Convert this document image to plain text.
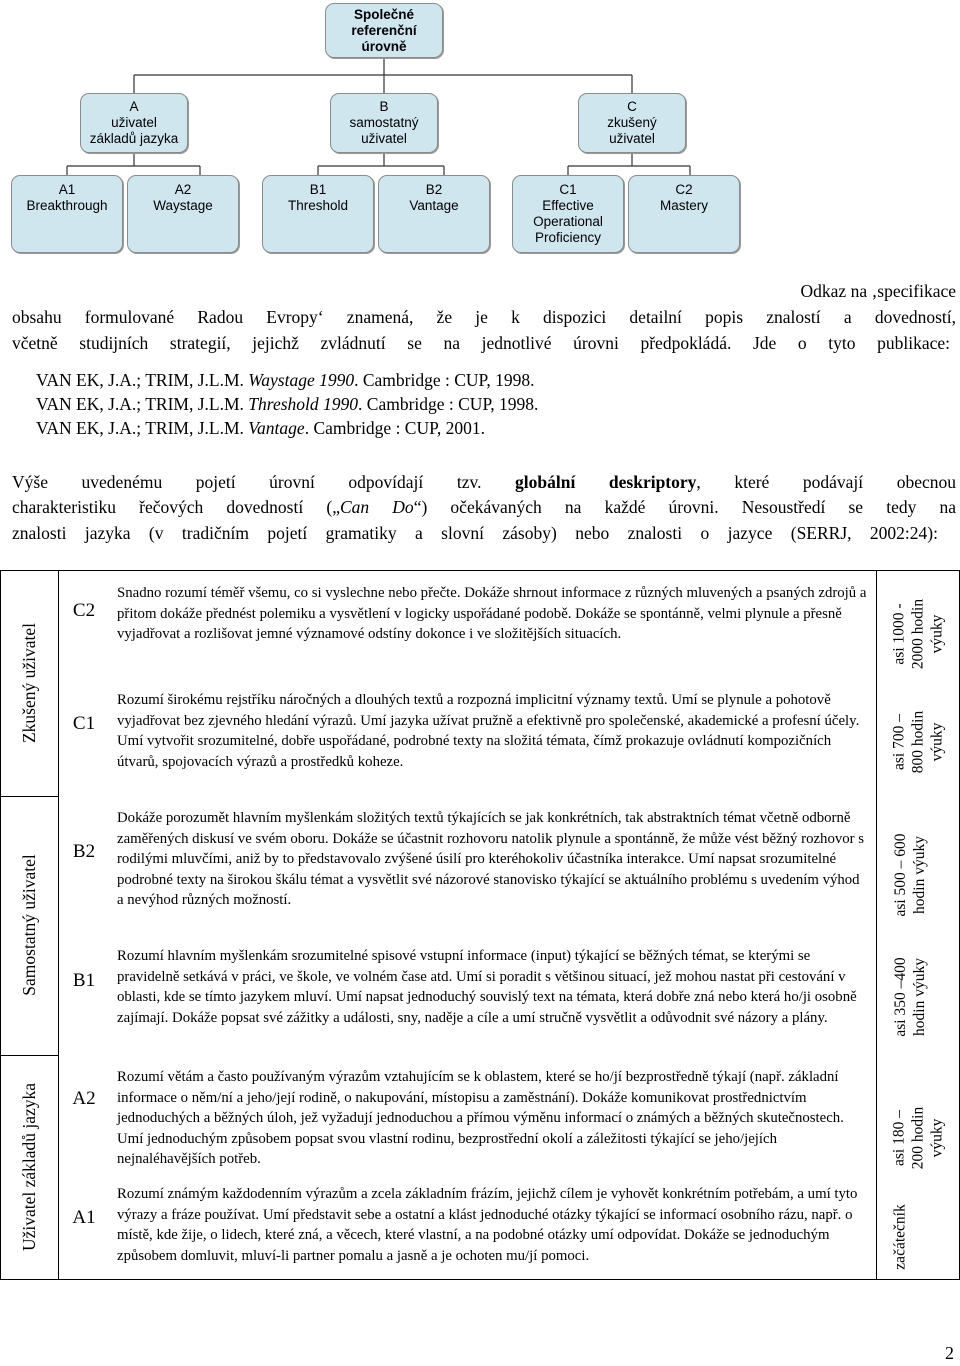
Společné
referenční
úrovně
A
uživatel
základů jazyka
B
samostatný
uživatel
C
zkušený
uživatel
A1
Breakthrough
A2
Waystage
B1
Threshold
B2
Vantage
C1
Effective
Operational
Proficiency
C2
Mastery
Odkaz na ‚specifikace
obsahu formulované Radou Evropy‘ znamená, že je k dispozici detailní popis znalostí a dovedností,
včetně studijních strategií, jejichž zvládnutí se na jednotlivé úrovni předpokládá. Jde o tyto publikace:
VAN EK, J.A.; TRIM, J.L.M. Waystage 1990. Cambridge : CUP, 1998.
VAN EK, J.A.; TRIM, J.L.M. Threshold 1990. Cambridge : CUP, 1998.
VAN EK, J.A.; TRIM, J.L.M. Vantage. Cambridge : CUP, 2001.
Výše uvedenému pojetí úrovní odpovídají tzv. globální deskriptory, které podávají obecnou
charakteristiku řečových dovedností („Can Do“) očekávaných na každé úrovni. Nesoustředí se tedy na
znalosti jazyka (v tradičním pojetí gramatiky a slovní zásoby) nebo znalosti o jazyce (SERRJ, 2002:24):
Zkušený uživatel
Samostatný uživatel
Uživatel základů jazyka
C2
C1
B2
B1
A2
A1
Snadno rozumí téměř všemu, co si vyslechne nebo přečte. Dokáže shrnout informace z různých mluvených a psaných zdrojů a přitom dokáže přednést polemiku a vysvětlení v logicky uspořádané podobě. Dokáže se spontánně, velmi plynule a přesně vyjadřovat a rozlišovat jemné významové odstíny dokonce i ve složitějších situacích.
Rozumí širokému rejstříku náročných a dlouhých textů a rozpozná implicitní významy textů. Umí se plynule a pohotově vyjadřovat bez zjevného hledání výrazů. Umí jazyka užívat pružně a efektivně pro společenské, akademické a profesní účely. Umí vytvořit srozumitelné, dobře uspořádané, podrobné texty na složitá témata, čímž prokazuje ovládnutí kompozičních útvarů, spojovacích výrazů a prostředků koheze.
Dokáže porozumět hlavním myšlenkám složitých textů týkajících se jak konkrétních, tak abstraktních témat včetně odborně zaměřených diskusí ve svém oboru. Dokáže se účastnit rozhovoru natolik plynule a spontánně, že může vést běžný rozhovor s rodilými mluvčími, aniž by to představovalo zvýšené úsilí pro kteréhokoliv účastníka interakce. Umí napsat srozumitelné podrobné texty na širokou škálu témat a vysvětlit své názorové stanovisko týkající se aktuálního problému s uvedením výhod a nevýhod různých možností.
Rozumí hlavním myšlenkám srozumitelné spisové vstupní informace (input) týkající se běžných témat, se kterými se pravidelně setkává v práci, ve škole, ve volném čase atd. Umí si poradit s většinou situací, jež mohou nastat při cestování v oblasti, kde se tímto jazykem mluví. Umí napsat jednoduchý souvislý text na témata, která dobře zná nebo která ho/ji osobně zajímají. Dokáže popsat své zážitky a události, sny, naděje a cíle a umí stručně vysvětlit a odůvodnit své názory a plány.
Rozumí větám a často používaným výrazům vztahujícím se k oblastem, které se ho/jí bezprostředně týkají (např. základní informace o něm/ní a jeho/její rodině, o nakupování, místopisu a zaměstnání). Dokáže komunikovat prostřednictvím jednoduchých a běžných úloh, jež vyžadují jednoduchou a přímou výměnu informací o známých a běžných skutečnostech. Umí jednoduchým způsobem popsat svou vlastní rodinu, bezprostřední okolí a záležitosti týkající se jeho/jejích nejnaléhavějších potřeb.
Rozumí známým každodenním výrazům a zcela základním frázím, jejichž cílem je vyhovět konkrétním potřebám, a umí tyto výrazy a fráze používat. Umí představit sebe a ostatní a klást jednoduché otázky týkající se informací osobního rázu, např. o místě, kde žije, o lidech, které zná, a věcech, které vlastní, a na podobné otázky umí odpovídat. Dokáže se jednoduchým způsobem domluvit, mluví-li partner pomalu a jasně a je ochoten mu/jí pomoci.
asi 1000 - 2000 hodin výuky
asi 700 – 800 hodin výuky
asi 500 – 600 hodin výuky
asi 350 –400 hodin výuky
asi 180 – 200 hodin výuky
začátečník
2
